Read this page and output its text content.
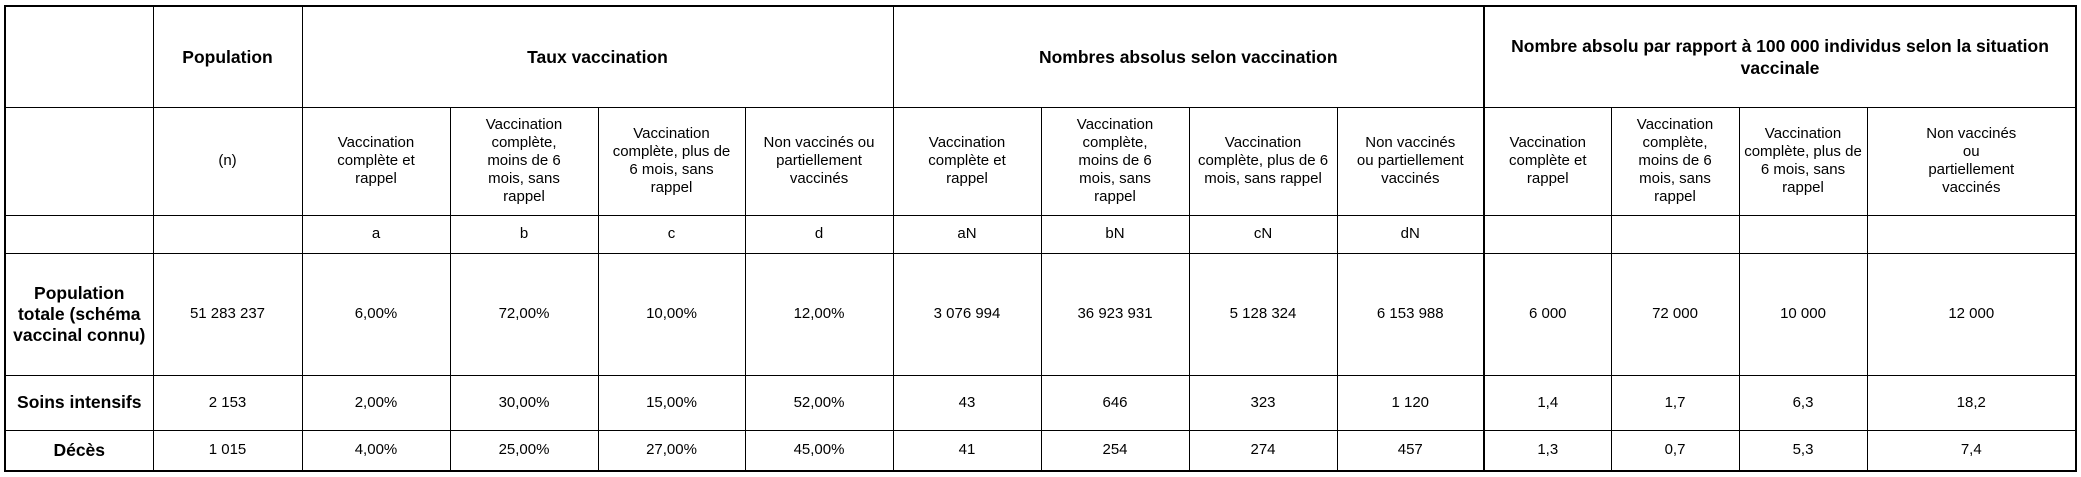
	Population	Taux vaccination				Nombres absolus selon vaccination				Nombre absolu par rapport à 100 000 individus selon la situation vaccinale			
	(n)	Vaccination complète et rappel	Vaccination complète, moins de 6 mois, sans rappel	Vaccination complète, plus de 6 mois, sans rappel	Non vaccinés ou partiellement vaccinés	Vaccination complète et rappel	Vaccination complète, moins de 6 mois, sans rappel	Vaccination complète, plus de 6 mois, sans rappel	Non vaccinés ou partiellement vaccinés	Vaccination complète et rappel	Vaccination complète, moins de 6 mois, sans rappel	Vaccination complète, plus de 6 mois, sans rappel	Non vaccinés ou partiellement vaccinés
		a	b	c	d	aN	bN	cN	dN				
Population totale (schéma vaccinal connu)	51 283 237	6,00%	72,00%	10,00%	12,00%	3 076 994	36 923 931	5 128 324	6 153 988	6 000	72 000	10 000	12 000
Soins intensifs	2 153	2,00%	30,00%	15,00%	52,00%	43	646	323	1 120	1,4	1,7	6,3	18,2
Décès	1 015	4,00%	25,00%	27,00%	45,00%	41	254	274	457	1,3	0,7	5,3	7,4
